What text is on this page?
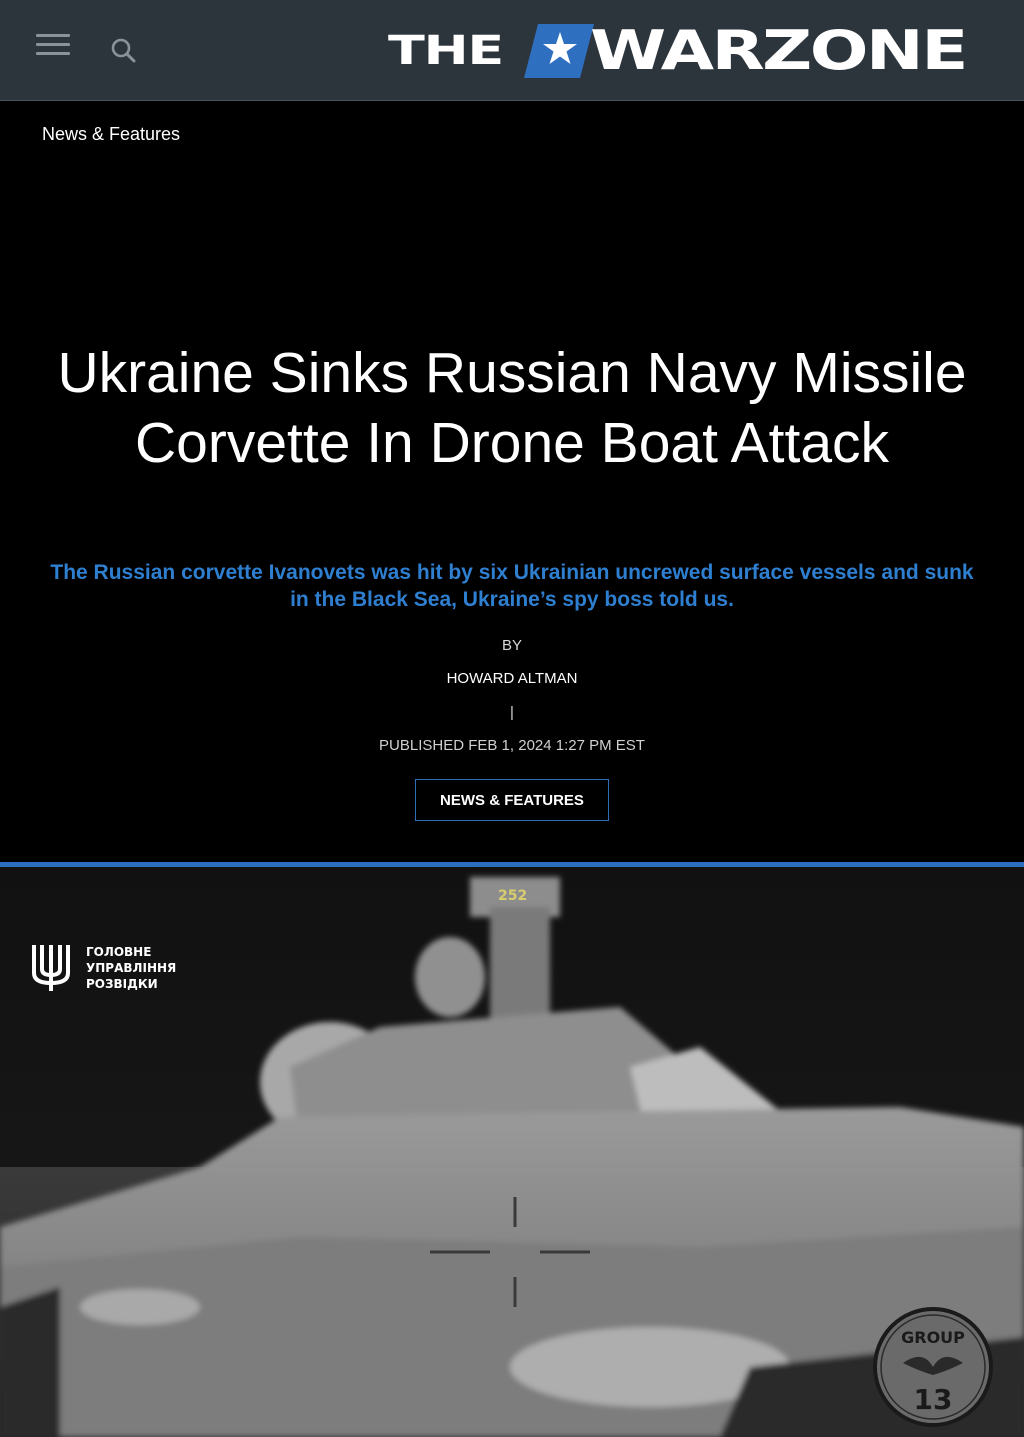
THE	WARZONE
News & Features
Ukraine Sinks Russian Navy Missile Corvette In Drone Boat Attack

The Russian corvette Ivanovets was hit by six Ukrainian uncrewed surface vessels and sunk in the Black Sea, Ukraine’s spy boss told us.

BY
HOWARD ALTMAN
|
PUBLISHED FEB 1, 2024 1:27 PM EST
NEWS & FEATURES
252
GROUP
13
ГОЛОВНЕ
УПРАВЛІННЯ
РОЗВІДКИ
